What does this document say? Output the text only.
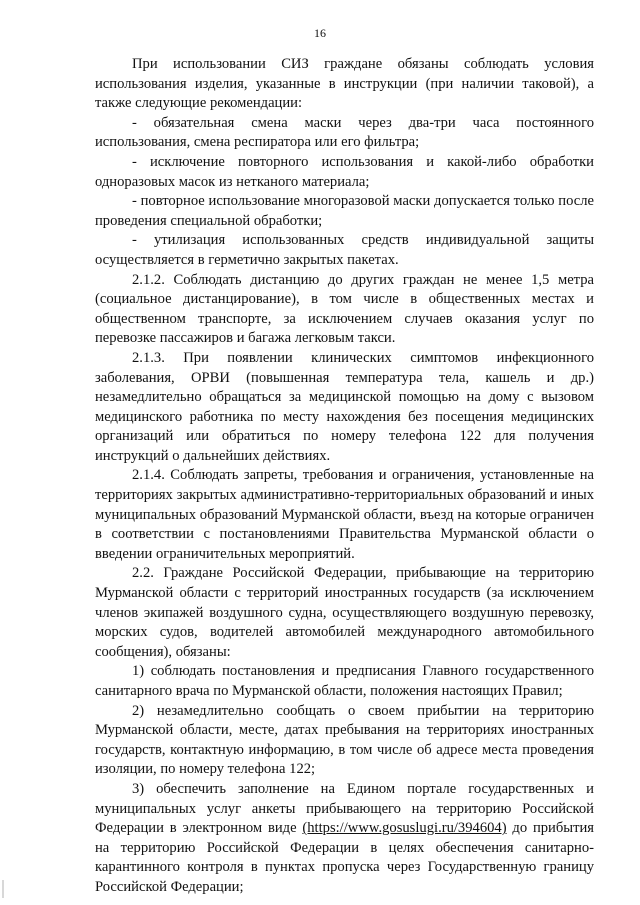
16

При использовании СИЗ граждане обязаны соблюдать условия использования изделия, указанные в инструкции (при наличии таковой), а также следующие рекомендации:

- обязательная смена маски через два-три часа постоянного использования, смена респиратора или его фильтра;

- исключение повторного использования и какой-либо обработки одноразовых масок из нетканого материала;

- повторное использование многоразовой маски допускается только после проведения специальной обработки;

- утилизация использованных средств индивидуальной защиты осуществляется в герметично закрытых пакетах.

2.1.2. Соблюдать дистанцию до других граждан не менее 1,5 метра (социальное дистанцирование), в том числе в общественных местах и общественном транспорте, за исключением случаев оказания услуг по перевозке пассажиров и багажа легковым такси.

2.1.3. При появлении клинических симптомов инфекционного заболевания, ОРВИ (повышенная температура тела, кашель и др.) незамедлительно обращаться за медицинской помощью на дому с вызовом медицинского работника по месту нахождения без посещения медицинских организаций или обратиться по номеру телефона 122 для получения инструкций о дальнейших действиях.

2.1.4. Соблюдать запреты, требования и ограничения, установленные на территориях закрытых административно-территориальных образований и иных муниципальных образований Мурманской области, въезд на которые ограничен в соответствии с постановлениями Правительства Мурманской области о введении ограничительных мероприятий.

2.2. Граждане Российской Федерации, прибывающие на территорию Мурманской области с территорий иностранных государств (за исключением членов экипажей воздушного судна, осуществляющего воздушную перевозку, морских судов, водителей автомобилей международного автомобильного сообщения), обязаны:

1) соблюдать постановления и предписания Главного государственного санитарного врача по Мурманской области, положения настоящих Правил;

2) незамедлительно сообщать о своем прибытии на территорию Мурманской области, месте, датах пребывания на территориях иностранных государств, контактную информацию, в том числе об адресе места проведения изоляции, по номеру телефона 122;

3) обеспечить заполнение на Едином портале государственных и муниципальных услуг анкеты прибывающего на территорию Российской Федерации в электронном виде (https://www.gosuslugi.ru/394604) до прибытия на территорию Российской Федерации в целях обеспечения санитарно-карантинного контроля в пунктах пропуска через Государственную границу Российской Федерации;
